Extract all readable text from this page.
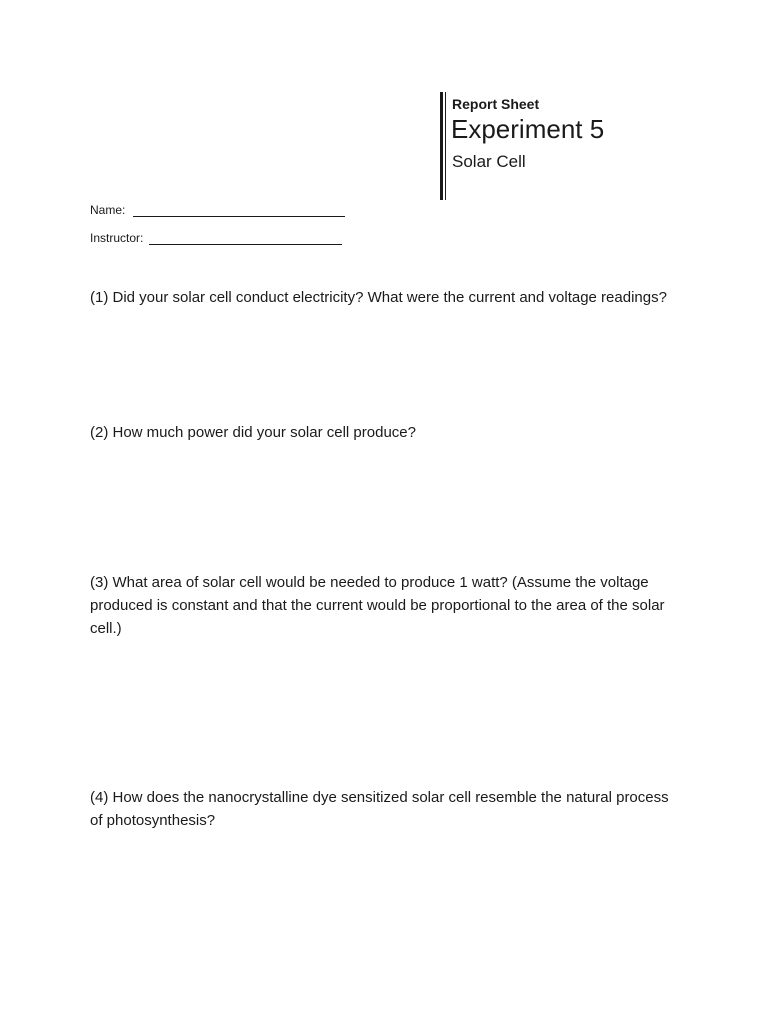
Report Sheet
Experiment 5
Solar Cell
Name:
Instructor:
(1) Did your solar cell conduct electricity? What were the current and voltage readings?
(2) How much power did your solar cell produce?
(3) What area of solar cell would be needed to produce 1 watt? (Assume the voltage produced is constant and that the current would be proportional to the area of the solar cell.)
(4) How does the nanocrystalline dye sensitized solar cell resemble the natural process of photosynthesis?
